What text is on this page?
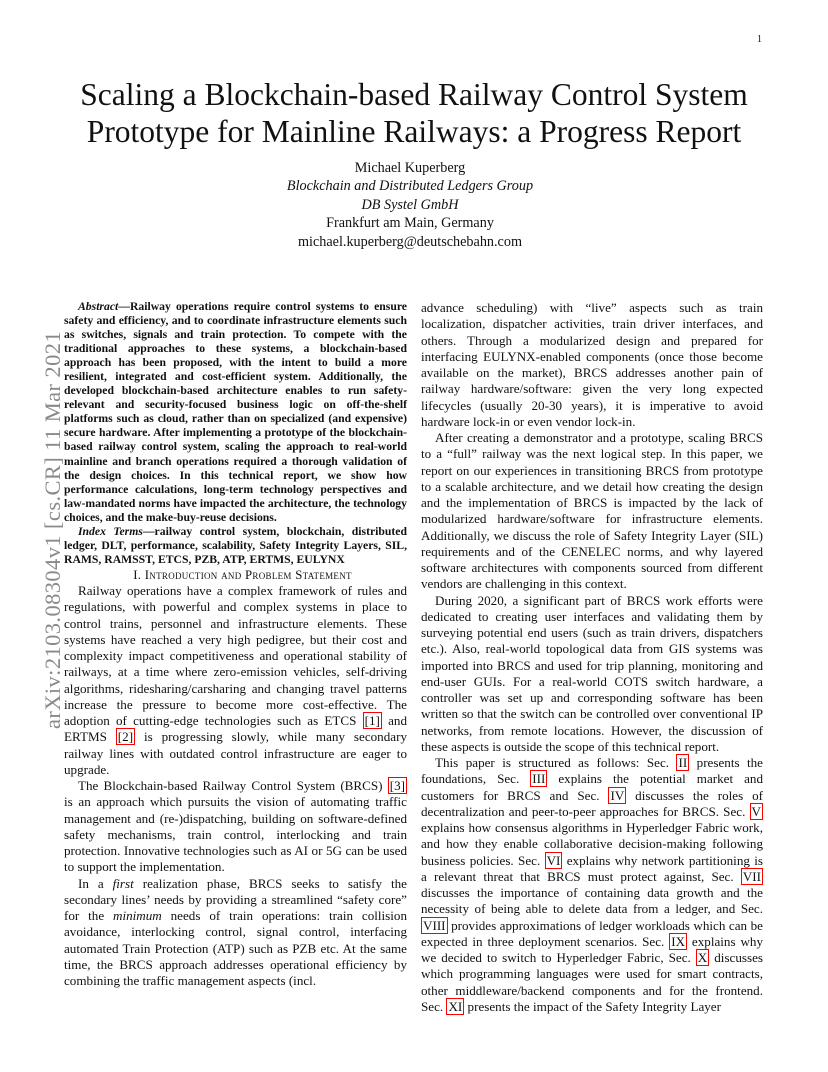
1
arXiv:2103.08304v1 [cs.CR] 11 Mar 2021
Scaling a Blockchain-based Railway Control System
Prototype for Mainline Railways: a Progress Report
Michael Kuperberg
Blockchain and Distributed Ledgers Group
DB Systel GmbH
Frankfurt am Main, Germany
michael.kuperberg@deutschebahn.com

Abstract—Railway operations require control systems to ensure safety and efficiency, and to coordinate infrastructure elements such as switches, signals and train protection. To compete with the traditional approaches to these systems, a blockchain-based approach has been proposed, with the intent to build a more resilient, integrated and cost-efficient system. Additionally, the developed blockchain-based architecture enables to run safety-relevant and security-focused business logic on off-the-shelf platforms such as cloud, rather than on specialized (and expensive) secure hardware. After implementing a prototype of the blockchain-based railway control system, scaling the approach to real-world mainline and branch operations required a thorough validation of the design choices. In this technical report, we show how performance calculations, long-term technology perspectives and law-mandated norms have impacted the architecture, the technology choices, and the make-buy-reuse decisions.

Index Terms—railway control system, blockchain, distributed ledger, DLT, performance, scalability, Safety Integrity Layers, SIL, RAMS, RAMSST, ETCS, PZB, ATP, ERTMS, EULYNX

I. Introduction and Problem Statement

Railway operations have a complex framework of rules and regulations, with powerful and complex systems in place to control trains, personnel and infrastructure elements. These systems have reached a very high pedigree, but their cost and complexity impact competitiveness and operational stability of railways, at a time where zero-emission vehicles, self-driving algorithms, ridesharing/carsharing and changing travel patterns increase the pressure to become more cost-effective. The adoption of cutting-edge technologies such as ETCS [1] and ERTMS [2] is progressing slowly, while many secondary railway lines with outdated control infrastructure are eager to upgrade.

The Blockchain-based Railway Control System (BRCS) [3] is an approach which pursuits the vision of automating traffic management and (re-)dispatching, building on software-defined safety mechanisms, train control, interlocking and train protection. Innovative technologies such as AI or 5G can be used to support the implementation.

In a first realization phase, BRCS seeks to satisfy the secondary lines’ needs by providing a streamlined “safety core” for the minimum needs of train operations: train collision avoidance, interlocking control, signal control, interfacing automated Train Protection (ATP) such as PZB etc. At the same time, the BRCS approach addresses operational efficiency by combining the traffic management aspects (incl.

advance scheduling) with “live” aspects such as train localization, dispatcher activities, train driver interfaces, and others. Through a modularized design and prepared for interfacing EULYNX-enabled components (once those become available on the market), BRCS addresses another pain of railway hardware/software: given the very long expected lifecycles (usually 20-30 years), it is imperative to avoid hardware lock-in or even vendor lock-in.

After creating a demonstrator and a prototype, scaling BRCS to a “full” railway was the next logical step. In this paper, we report on our experiences in transitioning BRCS from prototype to a scalable architecture, and we detail how creating the design and the implementation of BRCS is impacted by the lack of modularized hardware/software for infrastructure elements. Additionally, we discuss the role of Safety Integrity Layer (SIL) requirements and of the CENELEC norms, and why layered software architectures with components sourced from different vendors are challenging in this context.

During 2020, a significant part of BRCS work efforts were dedicated to creating user interfaces and validating them by surveying potential end users (such as train drivers, dispatchers etc.). Also, real-world topological data from GIS systems was imported into BRCS and used for trip planning, monitoring and end-user GUIs. For a real-world COTS switch hardware, a controller was set up and corresponding software has been written so that the switch can be controlled over conventional IP networks, from remote locations. However, the discussion of these aspects is outside the scope of this technical report.

This paper is structured as follows: Sec. II presents the foundations, Sec. III explains the potential market and customers for BRCS and Sec. IV discusses the roles of decentralization and peer-to-peer approaches for BRCS. Sec. V explains how consensus algorithms in Hyperledger Fabric work, and how they enable collaborative decision-making following business policies. Sec. VI explains why network partitioning is a relevant threat that BRCS must protect against, Sec. VII discusses the importance of containing data growth and the necessity of being able to delete data from a ledger, and Sec. VIII provides approximations of ledger workloads which can be expected in three deployment scenarios. Sec. IX explains why we decided to switch to Hyperledger Fabric, Sec. X discusses which programming languages were used for smart contracts, other middleware/backend components and for the frontend. Sec. XI presents the impact of the Safety Integrity Layer
